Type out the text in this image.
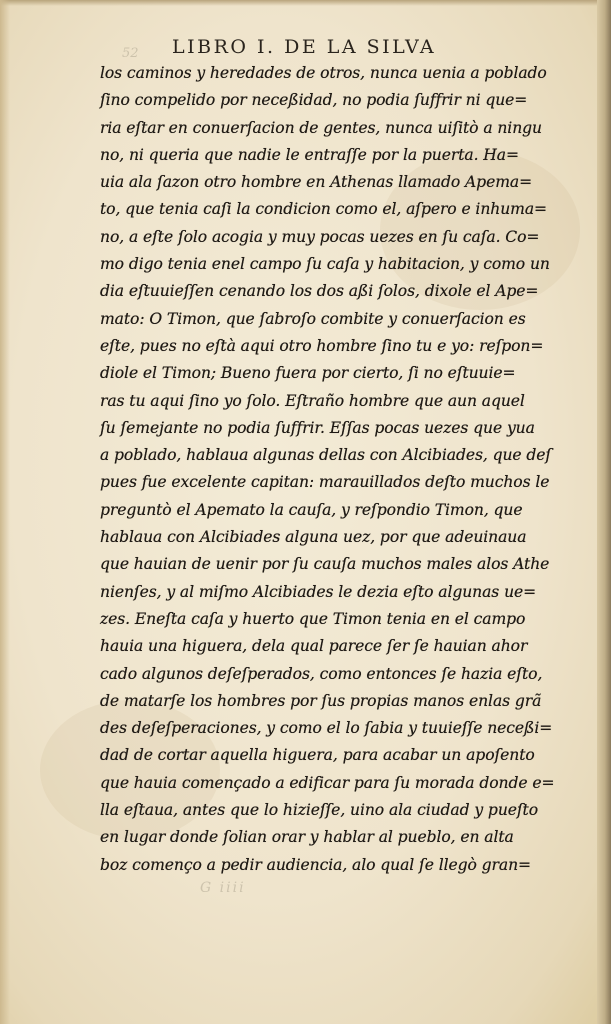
52
G iiii
LIBRO I. DE LA SILVA
los caminos y heredades de otros, nunca uenia a poblado
ſino compelido por neceßidad, no podia ſuffrir ni que=
ria eſtar en conuerſacion de gentes, nunca uiſitò a ningu
no, ni queria que nadie le entraſſe por la puerta. Ha=
uia ala ſazon otro hombre en Athenas llamado Apema=
to, que tenia caſi la condicion como el, aſpero e inhuma=
no, a eſte ſolo acogia y muy pocas uezes en ſu caſa. Co=
mo digo tenia enel campo ſu caſa y habitacion, y como un
dia eſtuuieſſen cenando los dos aßi ſolos, dixole el Ape=
mato: O Timon, que ſabroſo combite y conuerſacion es
eſte, pues no eſtà aqui otro hombre ſino tu e yo: reſpon=
diole el Timon; Bueno fuera por cierto, ſi no eſtuuie=
ras tu aqui ſino yo ſolo. Eſtraño hombre que aun aquel
ſu ſemejante no podia ſuffrir. Eſſas pocas uezes que yua
a poblado, hablaua algunas dellas con Alcibiades, que deſ
pues fue excelente capitan: marauillados deſto muchos le
preguntò el Apemato la cauſa, y reſpondio Timon, que
hablaua con Alcibiades alguna uez, por que adeuinaua
que hauian de uenir por ſu cauſa muchos males alos Athe
nienſes, y al miſmo Alcibiades le dezia eſto algunas ue=
zes. Eneſta caſa y huerto que Timon tenia en el campo
hauia una higuera, dela qual parece ſer ſe hauian ahor
cado algunos deſeſperados, como entonces ſe hazia eſto,
de matarſe los hombres por ſus propias manos enlas grã
des deſeſperaciones, y como el lo ſabia y tuuieſſe neceßi=
dad de cortar aquella higuera, para acabar un apoſento
que hauia començado a edificar para ſu morada donde e=
lla eſtaua, antes que lo hizieſſe, uino ala ciudad y pueſto
en lugar donde ſolian orar y hablar al pueblo, en alta
boz començo a pedir audiencia, alo qual ſe llegò gran=
